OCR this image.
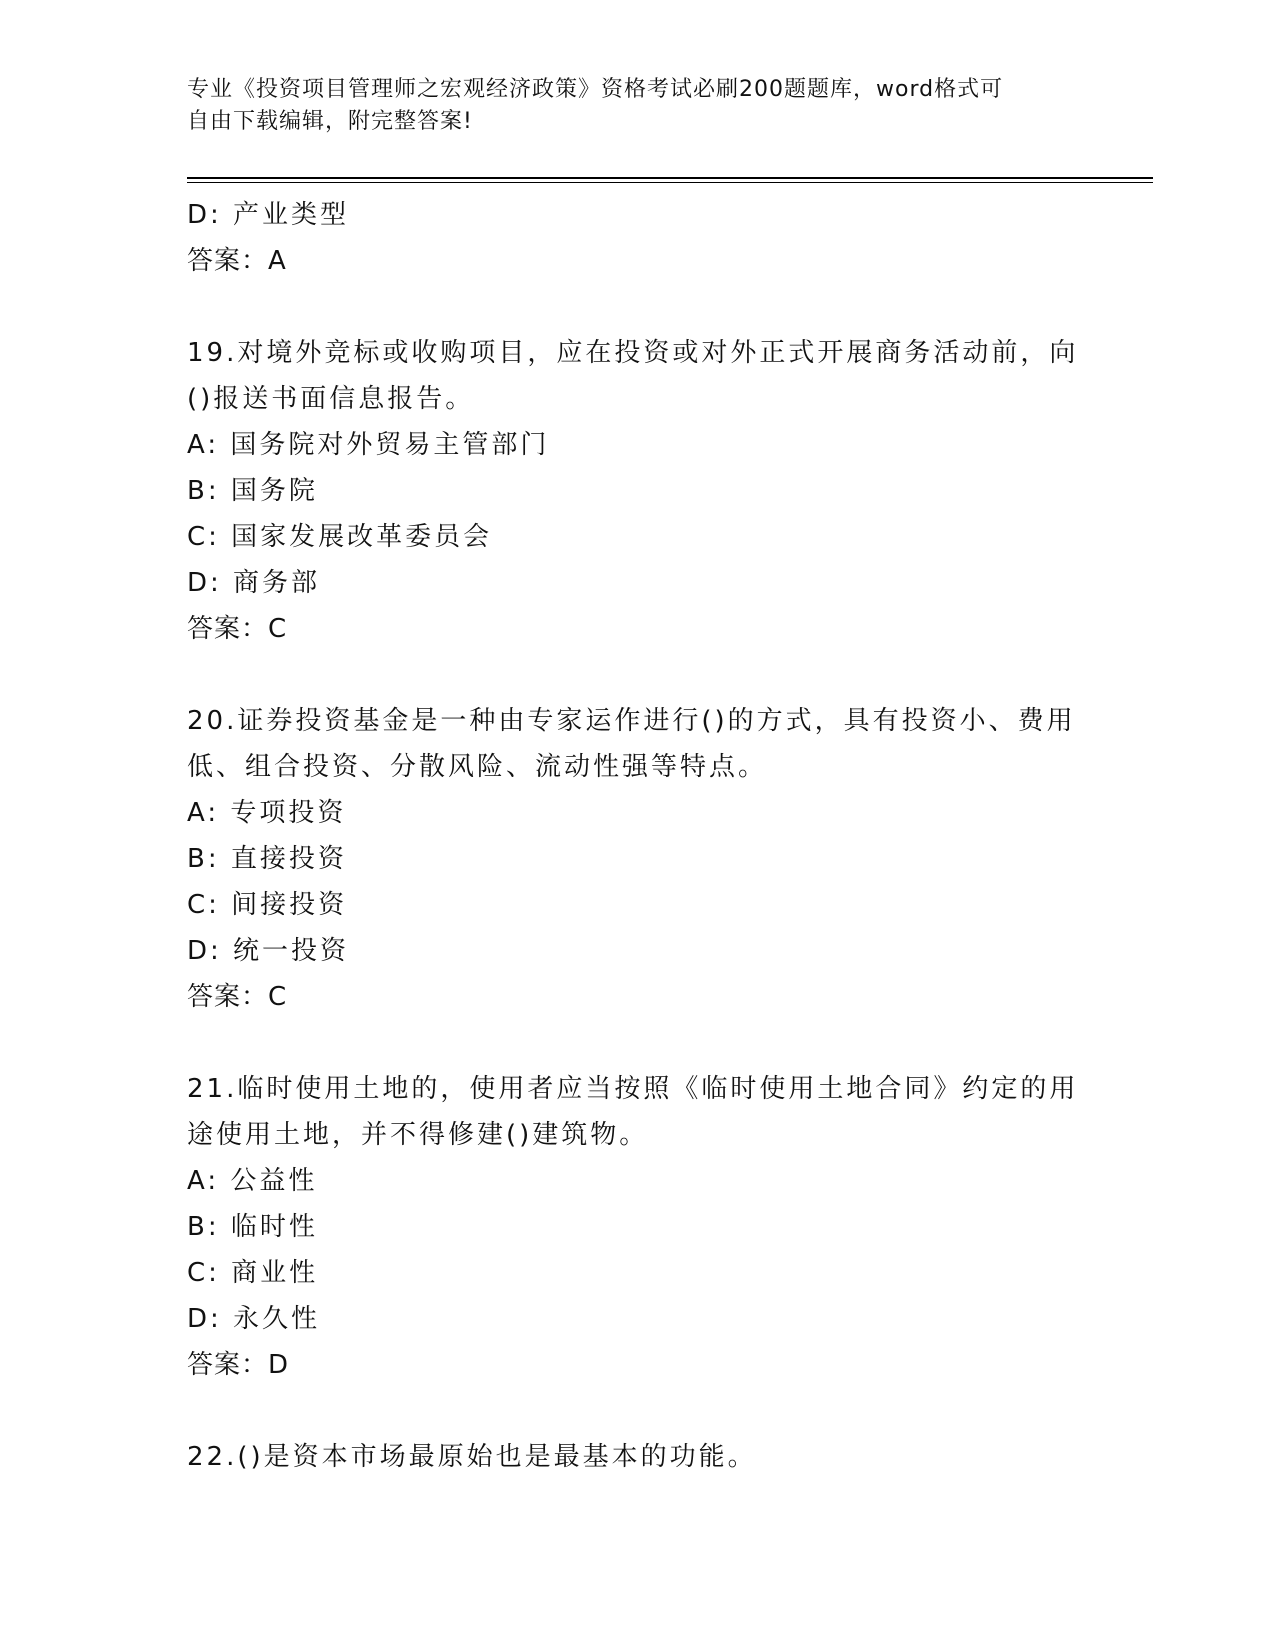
专业《投资项目管理师之宏观经济政策》资格考试必刷200题题库，word格式可
自由下载编辑，附完整答案!
D: 产业类型
答案：A
19.对境外竞标或收购项目，应在投资或对外正式开展商务活动前，向
()报送书面信息报告。
A: 国务院对外贸易主管部门
B: 国务院
C: 国家发展改革委员会
D: 商务部
答案：C
20.证券投资基金是一种由专家运作进行()的方式，具有投资小、费用
低、组合投资、分散风险、流动性强等特点。
A: 专项投资
B: 直接投资
C: 间接投资
D: 统一投资
答案：C
21.临时使用土地的，使用者应当按照《临时使用土地合同》约定的用
途使用土地，并不得修建()建筑物。
A: 公益性
B: 临时性
C: 商业性
D: 永久性
答案：D
22.()是资本市场最原始也是最基本的功能。
